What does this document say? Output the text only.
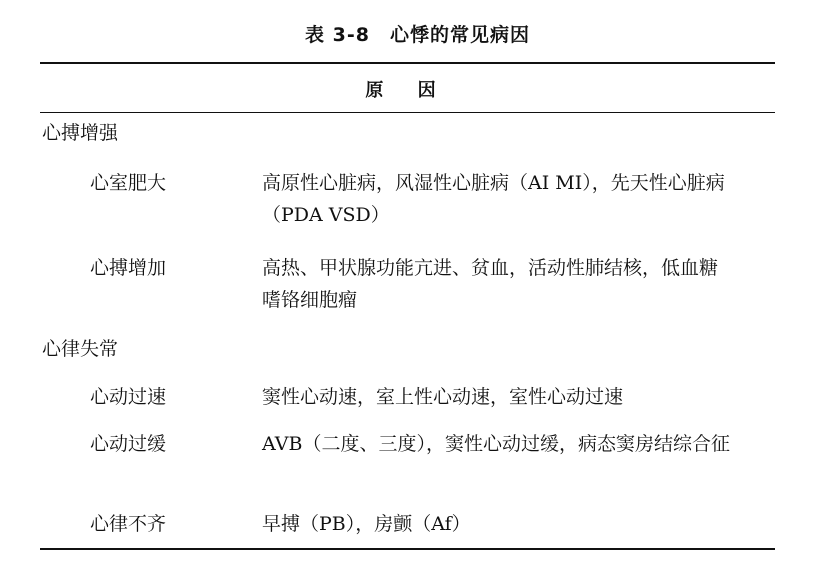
表 3-8　心悸的常见病因
原 因
心搏增强
心室肥大	高原性心脏病，风湿性心脏病（AI MI），先天性心脏病（PDA VSD）
心搏增加	高热、甲状腺功能亢进、贫血，活动性肺结核，低血糖嗜铬细胞瘤
心律失常
心动过速	窦性心动速，室上性心动速，室性心动过速
心动过缓	AVB（二度、三度），窦性心动过缓，病态窦房结综合征
心律不齐	早搏（PB），房颤（Af）
